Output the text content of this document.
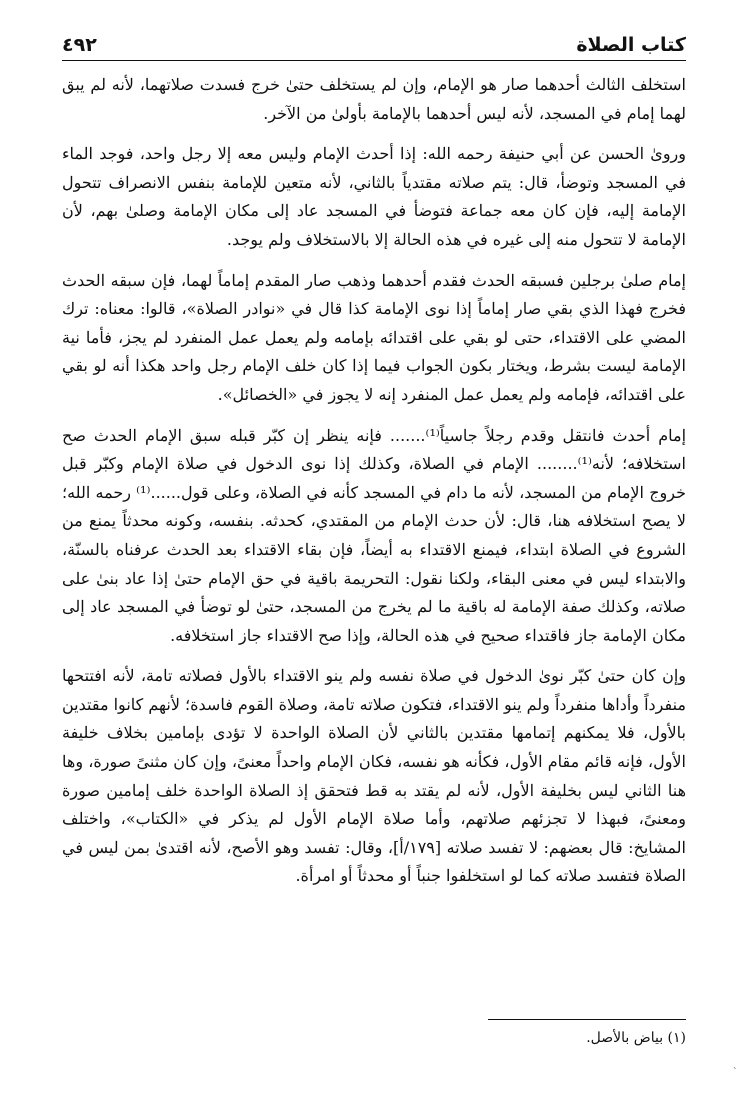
كتاب الصلاة
٤٩٢

استخلف الثالث أحدهما صار هو الإمام، وإن لم يستخلف حتىٰ خرج فسدت صلاتهما، لأنه لم يبق لهما إمام في المسجد، لأنه ليس أحدهما بالإمامة بأولىٰ من الآخر.

ورویٰ الحسن عن أبي حنيفة رحمه الله: إذا أحدث الإمام وليس معه إلا رجل واحد، فوجد الماء في المسجد وتوضأ، قال: يتم صلاته مقتدياً بالثاني، لأنه متعين للإمامة بنفس الانصراف تتحول الإمامة إليه، فإن كان معه جماعة فتوضأ في المسجد عاد إلى مكان الإمامة وصلىٰ بهم، لأن الإمامة لا تتحول منه إلى غيره في هذه الحالة إلا بالاستخلاف ولم يوجد.

إمام صلىٰ برجلين فسبقه الحدث فقدم أحدهما وذهب صار المقدم إماماً لهما، فإن سبقه الحدث فخرج فهذا الذي بقي صار إماماً إذا نوى الإمامة كذا قال في «نوادر الصلاة»، قالوا: معناه: ترك المضي على الاقتداء، حتى لو بقي على اقتدائه بإمامه ولم يعمل عمل المنفرد لم يجز، فأما نية الإمامة ليست بشرط، ويختار بكون الجواب فيما إذا كان خلف الإمام رجل واحد هكذا أنه لو بقي على اقتدائه، فإمامه ولم يعمل عمل المنفرد إنه لا يجوز في «الخصائل».

إمام أحدث فانتقل وقدم رجلاً جاسياً⁽¹⁾....... فإنه ينظر إن كبّر قبله سبق الإمام الحدث صح استخلافه؛ لأنه⁽¹⁾........ الإمام في الصلاة، وكذلك إذا نوى الدخول في صلاة الإمام وكبّر قبل خروج الإمام من المسجد، لأنه ما دام في المسجد كأنه في الصلاة، وعلى قول......⁽¹⁾ رحمه الله؛ لا يصح استخلافه هنا، قال: لأن حدث الإمام من المقتدي، كحدثه. بنفسه، وكونه محدثاً يمنع من الشروع في الصلاة ابتداء، فيمنع الاقتداء به أيضاً، فإن بقاء الاقتداء بعد الحدث عرفناه بالسنّة، والابتداء ليس في معنى البقاء، ولكنا نقول: التحريمة باقية في حق الإمام حتىٰ إذا عاد بنىٰ على صلاته، وكذلك صفة الإمامة له باقية ما لم يخرج من المسجد، حتىٰ لو توضأ في المسجد عاد إلى مكان الإمامة جاز فاقتداء صحيح في هذه الحالة، وإذا صح الاقتداء جاز استخلافه.

وإن كان حتىٰ كبّر نوىٰ الدخول في صلاة نفسه ولم ينو الاقتداء بالأول فصلاته تامة، لأنه افتتحها منفرداً وأداها منفرداً ولم ينو الاقتداء، فتكون صلاته تامة، وصلاة القوم فاسدة؛ لأنهم كانوا مقتدين بالأول، فلا يمكنهم إتمامها مقتدين بالثاني لأن الصلاة الواحدة لا تؤدى بإمامين بخلاف خليفة الأول، فإنه قائم مقام الأول، فكأنه هو نفسه، فكان الإمام واحداً معنىً، وإن كان مثنىً صورة، وها هنا الثاني ليس بخليفة الأول، لأنه لم يقتد به قط فتحقق إذ الصلاة الواحدة خلف إمامين صورة ومعنىً، فبهذا لا تجزئهم صلاتهم، وأما صلاة الإمام الأول لم يذكر في «الكتاب»، واختلف المشايخ: قال بعضهم: لا تفسد صلاته [١٧٩/أ]، وقال: تفسد وهو الأصح، لأنه اقتدىٰ بمن ليس في الصلاة فتفسد صلاته كما لو استخلفوا جنباً أو محدثاً أو امرأة.

(١) بياض بالأصل.
`
